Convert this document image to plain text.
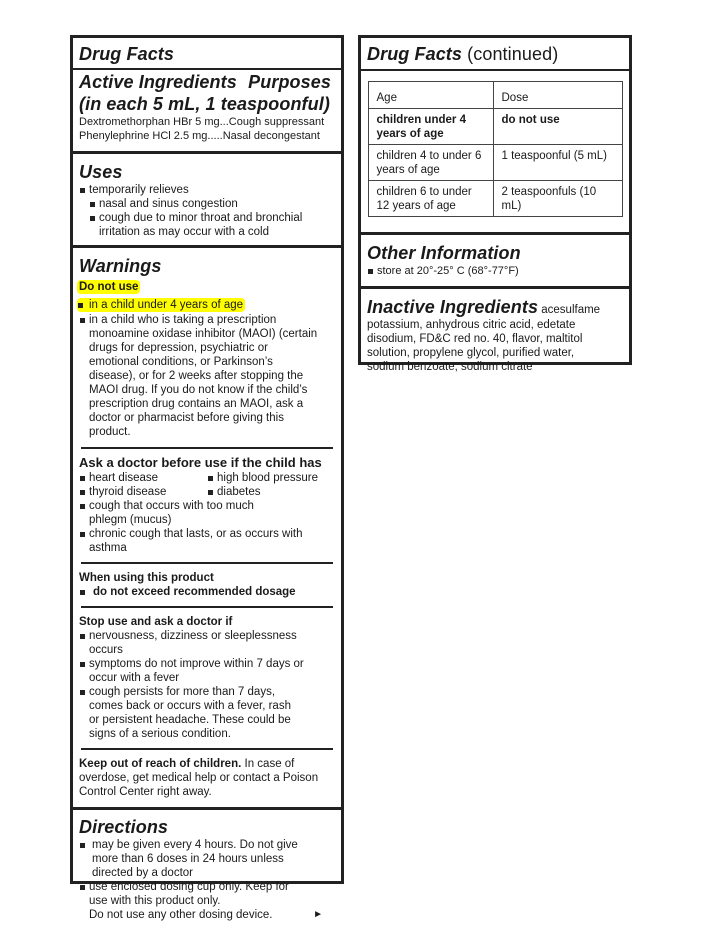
Drug Facts
Active Ingredients Purposes
(in each 5 mL, 1 teaspoonful)
Dextromethorphan HBr 5 mg...Cough suppressant
Phenylephrine HCl 2.5 mg.....Nasal decongestant
Uses
temporarily relieves
nasal and sinus congestion
cough due to minor throat and bronchial irritation as may occur with a cold
Warnings
Do not use
in a child under 4 years of age
in a child who is taking a prescription monoamine oxidase inhibitor (MAOI) (certain drugs for depression, psychiatric or emotional conditions, or Parkinson’s disease), or for 2 weeks after stopping the MAOI drug. If you do not know if the child’s prescription drug contains an MAOI, ask a doctor or pharmacist before giving this product.
Ask a doctor before use if the child has
heart disease	high blood pressure
thyroid disease	diabetes
cough that occurs with too much phlegm (mucus)
chronic cough that lasts, or as occurs with asthma
When using this product
do not exceed recommended dosage
Stop use and ask a doctor if
nervousness, dizziness or sleeplessness occurs
symptoms do not improve within 7 days or occur with a fever
cough persists for more than 7 days, comes back or occurs with a fever, rash or persistent headache. These could be signs of a serious condition.
Keep out of reach of children. In case of overdose, get medical help or contact a Poison Control Center right away.
Directions
may be given every 4 hours. Do not give more than 6 doses in 24 hours unless directed by a doctor
use enclosed dosing cup only. Keep for use with this product only.
Do not use any other dosing device.	►
Drug Facts (continued)
Age	Dose
children under 4 years of age	do not use
children 4 to under 6 years of age	1 teaspoonful (5 mL)
children 6 to under 12 years of age	2 teaspoonfuls (10 mL)
Other Information
store at 20°-25° C (68°-77°F)
Inactive Ingredients acesulfame potassium, anhydrous citric acid, edetate disodium, FD&C red no. 40, flavor, maltitol solution, propylene glycol, purified water, sodium benzoate, sodium citrate
